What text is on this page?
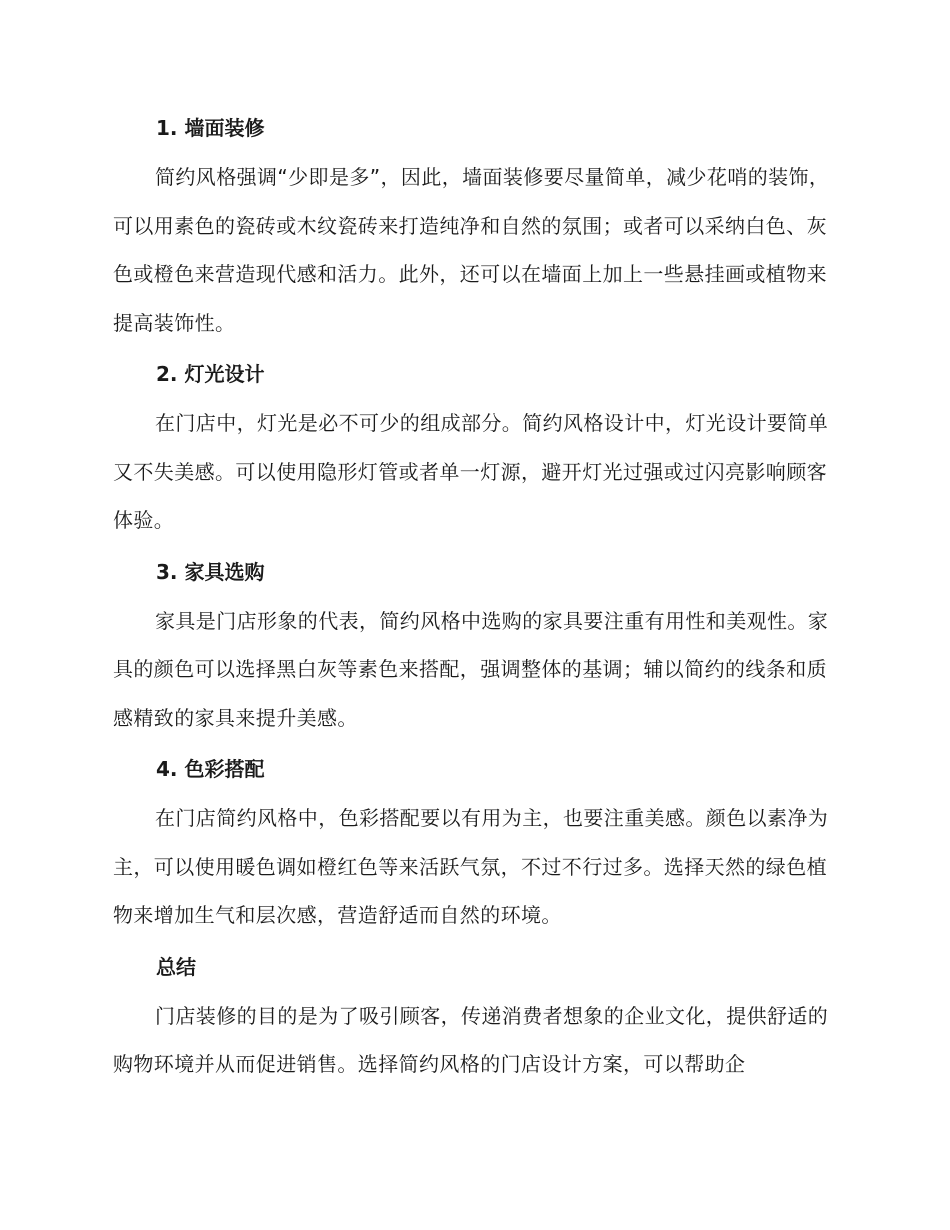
1. 墙面装修

简约风格强调“少即是多”，因此，墙面装修要尽量简单，减少花哨的装饰，可以用素色的瓷砖或木纹瓷砖来打造纯净和自然的氛围；或者可以采纳白色、灰色或橙色来营造现代感和活力。此外，还可以在墙面上加上一些悬挂画或植物来提高装饰性。

2. 灯光设计

在门店中，灯光是必不可少的组成部分。简约风格设计中，灯光设计要简单又不失美感。可以使用隐形灯管或者单一灯源，避开灯光过强或过闪亮影响顾客体验。

3. 家具选购

家具是门店形象的代表，简约风格中选购的家具要注重有用性和美观性。家具的颜色可以选择黑白灰等素色来搭配，强调整体的基调；辅以简约的线条和质感精致的家具来提升美感。

4. 色彩搭配

在门店简约风格中，色彩搭配要以有用为主，也要注重美感。颜色以素净为主，可以使用暖色调如橙红色等来活跃气氛，不过不行过多。选择天然的绿色植物来增加生气和层次感，营造舒适而自然的环境。

总结

门店装修的目的是为了吸引顾客，传递消费者想象的企业文化，提供舒适的购物环境并从而促进销售。选择简约风格的门店设计方案，可以帮助企
